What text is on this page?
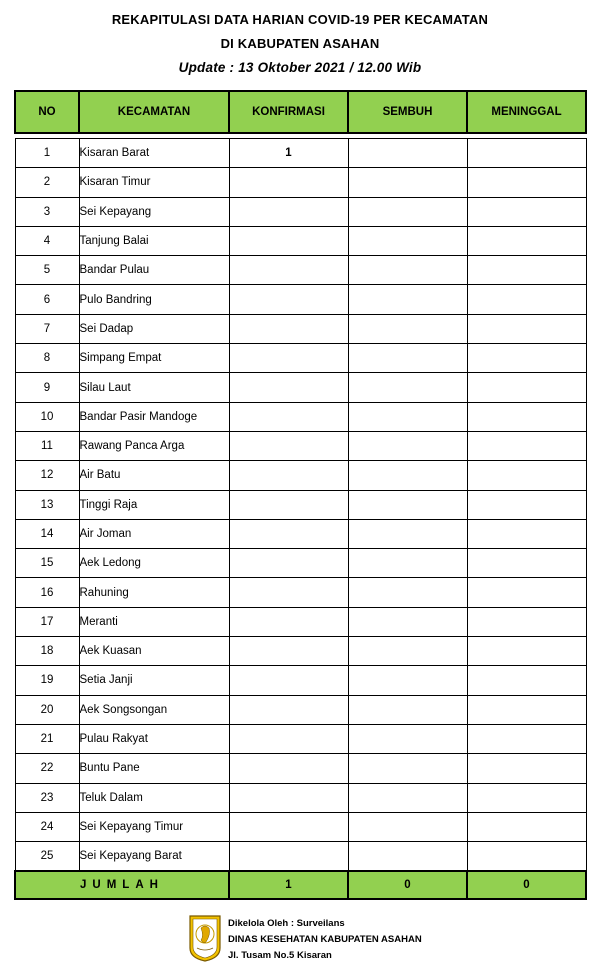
REKAPITULASI DATA HARIAN COVID-19 PER KECAMATAN
DI KABUPATEN ASAHAN
Update : 13 Oktober 2021 / 12.00 Wib
NO	KECAMATAN	KONFIRMASI	SEMBUH	MENINGGAL

1	Kisaran Barat	1		
2	Kisaran Timur			
3	Sei Kepayang			
4	Tanjung Balai			
5	Bandar Pulau			
6	Pulo Bandring			
7	Sei Dadap			
8	Simpang Empat			
9	Silau Laut			
10	Bandar Pasir Mandoge			
11	Rawang Panca Arga			
12	Air Batu			
13	Tinggi Raja			
14	Air Joman			
15	Aek Ledong			
16	Rahuning			
17	Meranti			
18	Aek Kuasan			
19	Setia Janji			
20	Aek Songsongan			
21	Pulau Rakyat			
22	Buntu Pane			
23	Teluk Dalam			
24	Sei Kepayang Timur			
25	Sei Kepayang Barat			
JUMLAH		1	0	0
Dikelola Oleh : Surveilans
DINAS KESEHATAN KABUPATEN ASAHAN
Jl. Tusam No.5 Kisaran
